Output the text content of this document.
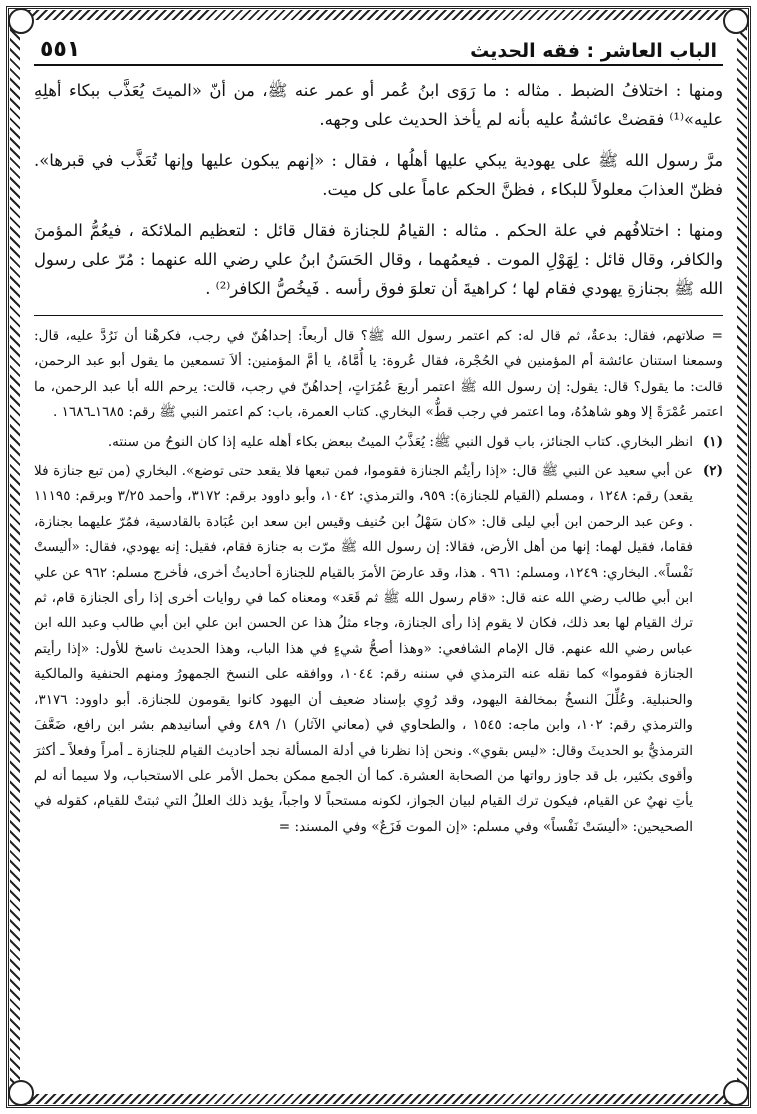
الباب العاشر : فقه الحديث
٥٥١

ومنها : اختلافُ الضبط . مثاله : ما رَوَى ابنُ عُمر أو عمر عنه ﷺ، من أنّ «الميتَ يُعَذَّب ببكاء أهلِهِ عليه»⁽¹⁾ فقضتْ عائشةُ عليه بأنه لم يأخذ الحديث على وجهه.

مرَّ رسول الله ﷺ على يهودية يبكي عليها أهلُها ، فقال : «إنهم يبكون عليها وإنها تُعَذَّب في قبرها». فظنّ العذابَ معلولاً للبكاء ، فظنَّ الحكم عاماً على كل ميت.

ومنها : اختلافُهم في علة الحكم . مثاله : القيامُ للجنازة فقال قائل : لتعظيم الملائكة ، فيعُمُّ المؤمنَ والكافر، وقال قائل : لِهَوْلِ الموت . فيعمُهما ، وقال الحَسَنُ ابنُ علي رضي الله عنهما : مُرّ على رسول الله ﷺ بجنازةِ يهودي فقام لها ؛ كراهيةَ أن تعلوَ فوق رأسه . فَيخُصُّ الكافر⁽²⁾ .

= صلاتهم، فقال: بدعةٌ، ثم قال له: كم اعتمر رسول الله ﷺ؟ قال أربعاً: إحداهُنّ في رجب، فكرهْنا أن نَرُدَّ عليه، قال: وسمعنا استنان عائشة أم المؤمنين في الحُجْرة، فقال عُروة: يا أُمَّاهُ، يا أمَّ المؤمنين: ألاَ تسمعين ما يقول أبو عبد الرحمن، قالت: ما يقول؟ قال: يقول: إن رسول الله ﷺ اعتمر أربعَ عُمُرَاتٍ، إحداهُنّ في رجب، قالت: يرحم الله أبا عبد الرحمن، ما اعتمر عُمْرَةً إلا وهو شاهدُهُ، وما اعتمر في رجب قطُّ» البخاري. كتاب العمرة، باب: كم اعتمر النبي ﷺ رقم: ١٦٨٥ـ١٦٨٦ .
(١)
انظر البخاري. كتاب الجنائز، باب قول النبي ﷺ: يُعَذَّبُ الميتُ ببعض بكاء أهله عليه إذا كان النوحُ من سنته.
(٢)
عن أبي سعيد عن النبي ﷺ قال: «إذا رأيتُم الجنازة فقوموا، فمن تبعها فلا يقعد حتى توضع». البخاري (من تبع جنازة فلا يقعد) رقم: ١٢٤٨ ، ومسلم (القيام للجنازة): ٩٥٩، والترمذي: ١٠٤٢، وأبو داوود برقم: ٣١٧٢، وأحمد ٣/٢٥ وبرقم: ١١١٩٥ . وعن عبد الرحمن ابن أبي ليلى قال: «كان سَهْلُ ابن حُنيف وقيس ابن سعد ابن عُبَادة بالقادسية، فمُرّ عليهما بجنازة، فقاما، فقيل لهما: إنها من أهل الأرض، فقالا: إن رسول الله ﷺ مرّت به جنازة فقام، فقيل: إنه يهودي، فقال: «أليستْ نَفْساً». البخاري: ١٢٤٩، ومسلم: ٩٦١ . هذا، وقد عارضَ الأمرَ بالقيام للجنازة أحاديثُ أخرى، فأخرج مسلم: ٩٦٢ عن علي ابن أبي طالب رضي الله عنه قال: «قام رسول الله ﷺ ثم قَعَد» ومعناه كما في روايات أخرى إذا رأى الجنازة قام، ثم ترك القيام لها بعد ذلك، فكان لا يقوم إذا رأى الجنازة، وجاء مثلُ هذا عن الحسن ابن علي ابن أبي طالب وعبد الله ابن عباس رضي الله عنهم. قال الإمام الشافعي: «وهذا أصحُّ شيءٍ في هذا الباب، وهذا الحديث ناسخ للأول: «إذا رأيتم الجنازة فقوموا» كما نقله عنه الترمذي في سننه رقم: ١٠٤٤، ووافقه على النسخ الجمهورُ ومنهم الحنفية والمالكية والحنبلية. وعُلِّلَ النسخُ بمخالفة اليهود، وقد رُوِي بإسناد ضعيف أن اليهود كانوا يقومون للجنازة. أبو داوود: ٣١٧٦، والترمذي رقم: ١٠٢، وابن ماجه: ١٥٤٥ ، والطحاوي في (معاني الآثار) ١/ ٤٨٩ وفي أسانيدهم بشر ابن رافع، ضَعَّفَ الترمذيُّ بو الحديثَ وقال: «ليس بقوي». ونحن إذا نظرنا في أدلة المسألة نجد أحاديث القيام للجنازة ـ أمراً وفعلاً ـ أكثرَ وأقوى بكثير، بل قد جاوز رواتها من الصحابة العشرة. كما أن الجمع ممكن بحمل الأمر على الاستحباب، ولا سيما أنه لم يأتِ نهيٌ عن القيام، فيكون ترك القيام لبيان الجواز، لكونه مستحباً لا واجباً، يؤيد ذلك العللُ التي ثبتتْ للقيام، كقوله في الصحيحين: «أليسَتْ نَفْساً» وفي مسلم: «إن الموت فَزَعٌ» وفي المسند: =
